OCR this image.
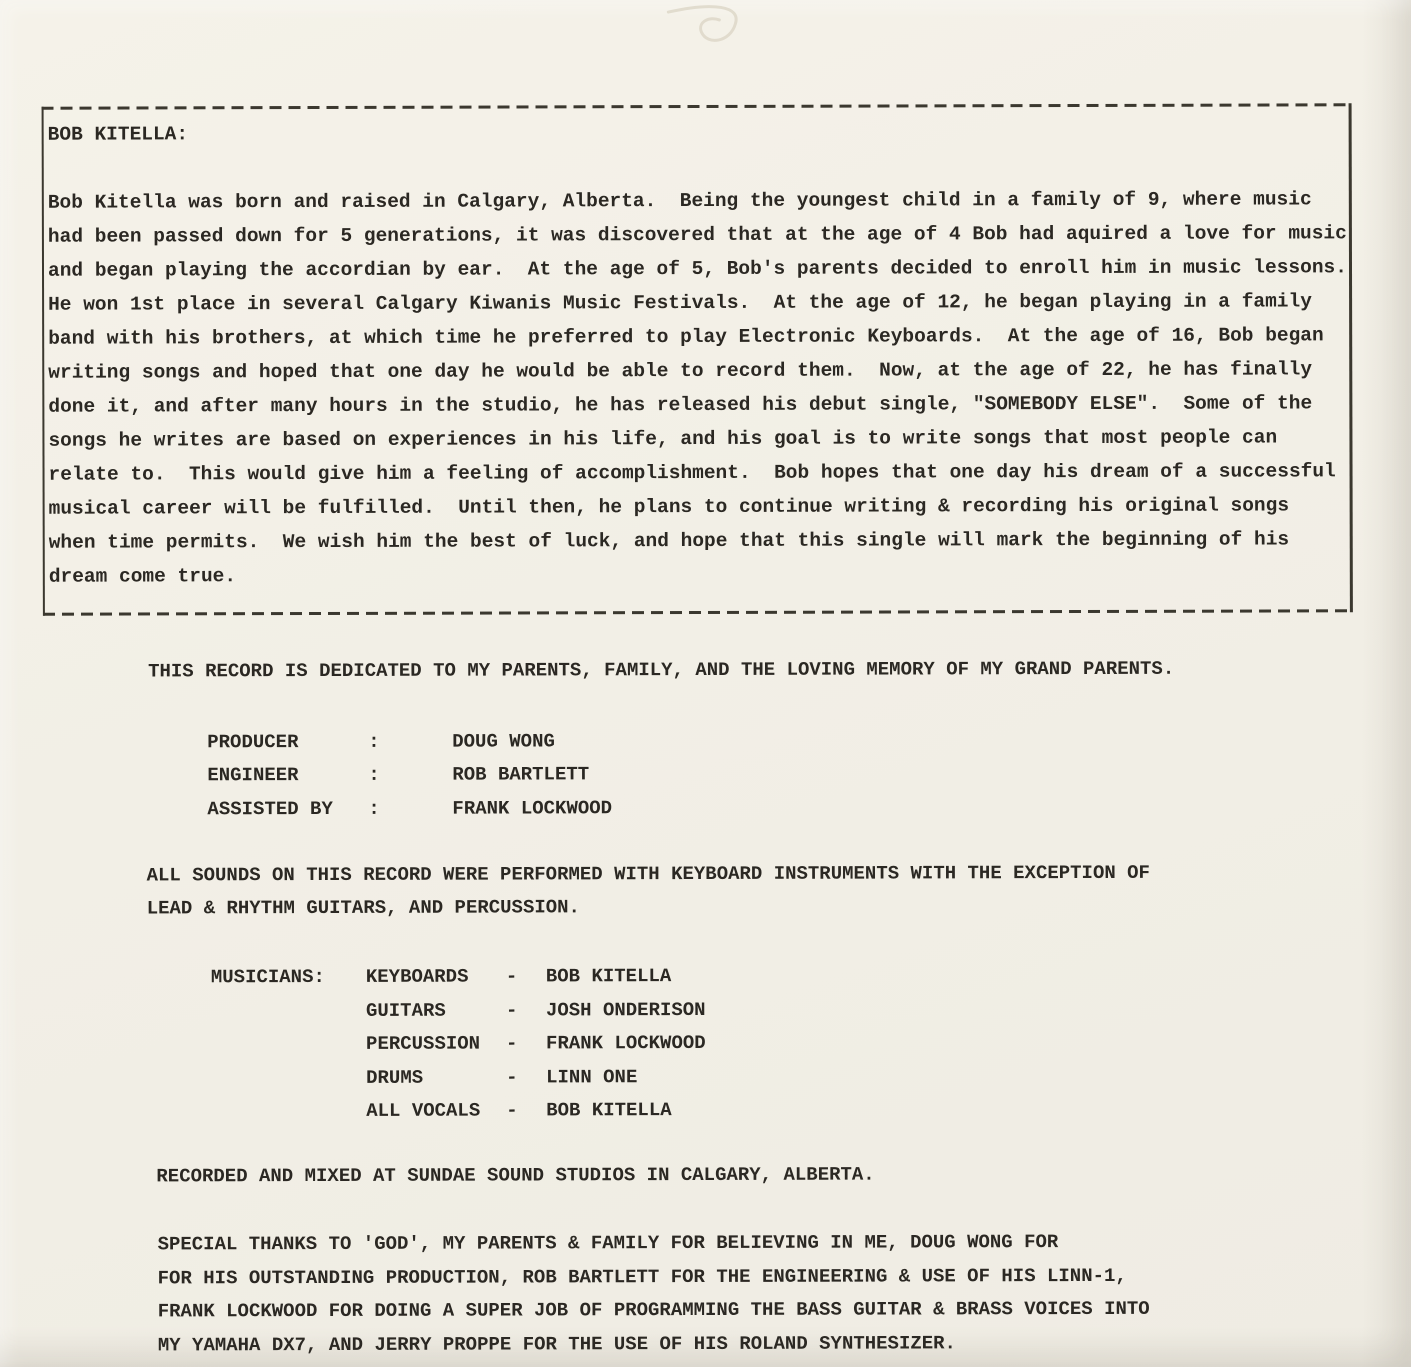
BOB KITELLA:
Bob Kitella was born and raised in Calgary, Alberta.  Being the youngest child in a family of 9, where music
had been passed down for 5 generations, it was discovered that at the age of 4 Bob had aquired a love for music
and began playing the accordian by ear.  At the age of 5, Bob's parents decided to enroll him in music lessons.
He won 1st place in several Calgary Kiwanis Music Festivals.  At the age of 12, he began playing in a family
band with his brothers, at which time he preferred to play Electronic Keyboards.  At the age of 16, Bob began
writing songs and hoped that one day he would be able to record them.  Now, at the age of 22, he has finally
done it, and after many hours in the studio, he has released his debut single, "SOMEBODY ELSE".  Some of the
songs he writes are based on experiences in his life, and his goal is to write songs that most people can
relate to.  This would give him a feeling of accomplishment.  Bob hopes that one day his dream of a successful
musical career will be fulfilled.  Until then, he plans to continue writing & recording his original songs
when time permits.  We wish him the best of luck, and hope that this single will mark the beginning of his
dream come true.
THIS RECORD IS DEDICATED TO MY PARENTS, FAMILY, AND THE LOVING MEMORY OF MY GRAND PARENTS.
PRODUCER	:	DOUG WONG
ENGINEER	:	ROB BARTLETT
ASSISTED BY	:	FRANK LOCKWOOD
ALL SOUNDS ON THIS RECORD WERE PERFORMED WITH KEYBOARD INSTRUMENTS WITH THE EXCEPTION OF
LEAD & RHYTHM GUITARS, AND PERCUSSION.
MUSICIANS:	KEYBOARDS	-	BOB KITELLA
GUITARS	-	JOSH ONDERISON
PERCUSSION	-	FRANK LOCKWOOD
DRUMS	-	LINN ONE
ALL VOCALS	-	BOB KITELLA
RECORDED AND MIXED AT SUNDAE SOUND STUDIOS IN CALGARY, ALBERTA.
SPECIAL THANKS TO 'GOD', MY PARENTS & FAMILY FOR BELIEVING IN ME, DOUG WONG FOR
FOR HIS OUTSTANDING PRODUCTION, ROB BARTLETT FOR THE ENGINEERING & USE OF HIS LINN-1,
FRANK LOCKWOOD FOR DOING A SUPER JOB OF PROGRAMMING THE BASS GUITAR & BRASS VOICES INTO
MY YAMAHA DX7, AND JERRY PROPPE FOR THE USE OF HIS ROLAND SYNTHESIZER.
